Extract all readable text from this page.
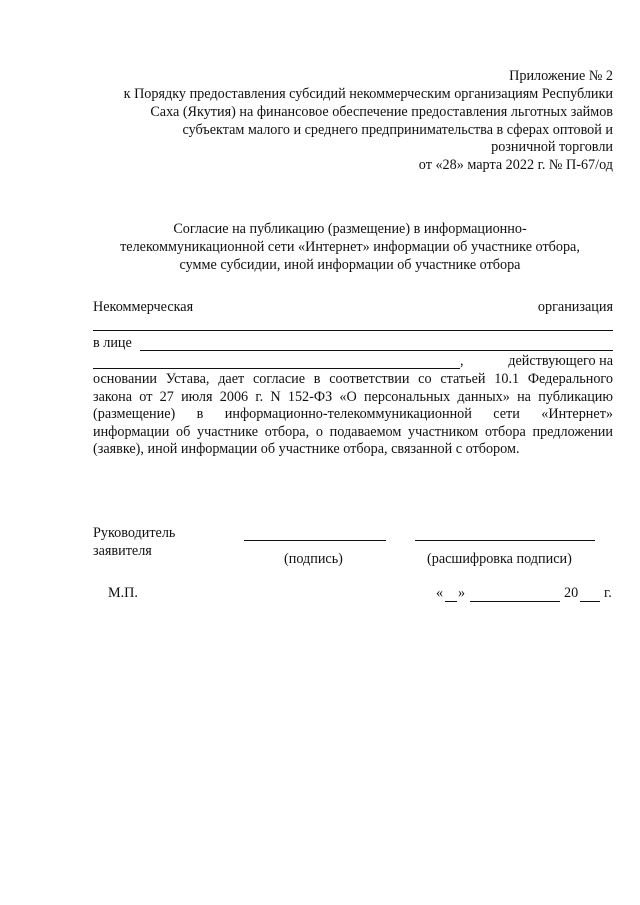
Приложение № 2
к Порядку предоставления субсидий некоммерческим организациям Республики
Саха (Якутия) на финансовое обеспечение предоставления льготных займов
субъектам малого и среднего предпринимательства в сферах оптовой и
розничной торговли
от «28» марта 2022 г. № П-67/од
Согласие на публикацию (размещение) в информационно-
телекоммуникационной сети «Интернет» информации об участнике отбора,
сумме субсидии, иной информации об участнике отбора
Некоммерческая	организация
в лице
,	действующего на
основании Устава, дает согласие в соответствии со статьей 10.1 Федерального
закона от 27 июля 2006 г. N 152-ФЗ «О персональных данных» на публикацию
(размещение) в информационно-телекоммуникационной сети «Интернет»
информации об участнике отбора, о подаваемом участником отбора предложении
(заявке), иной информации об участнике отбора, связанной с отбором.
Руководитель
заявителя	(подпись)	(расшифровка подписи)
М.П.	« »	20 г.
